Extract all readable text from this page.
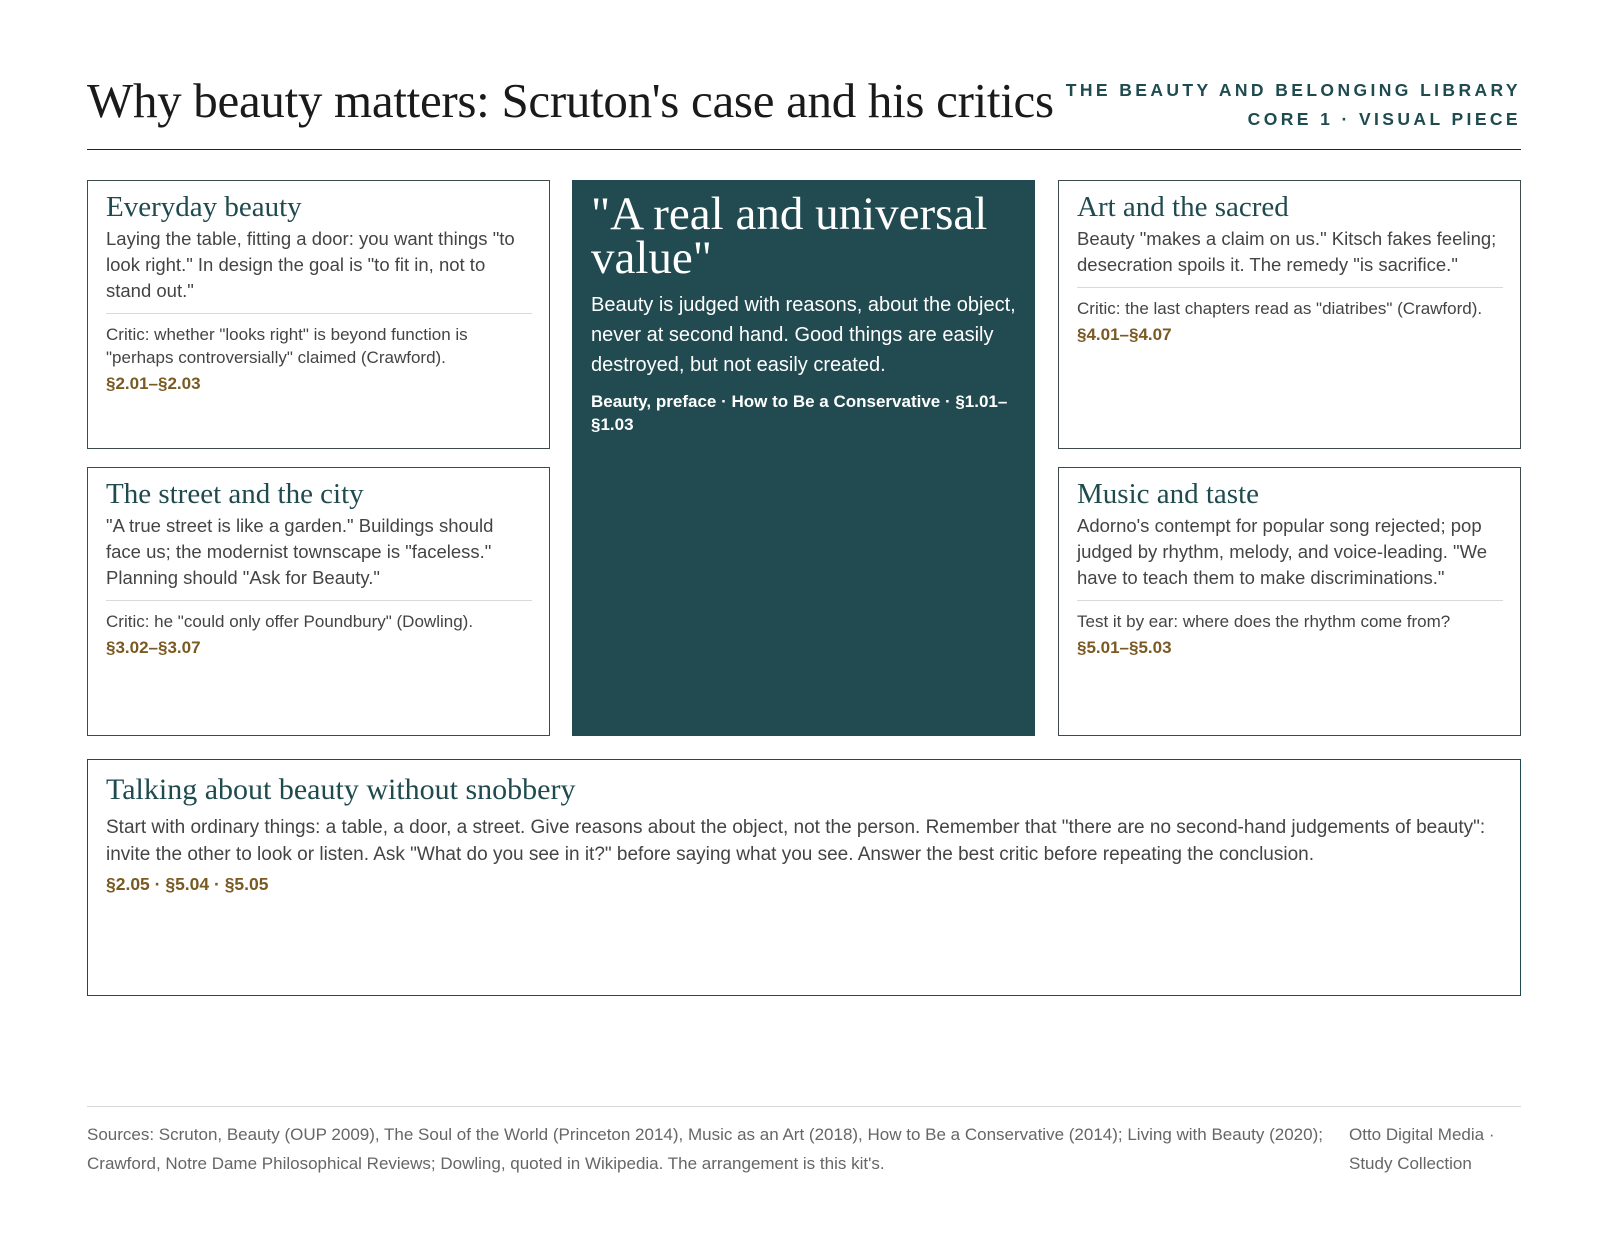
Why beauty matters: Scruton's case and his critics THE BEAUTY AND BELONGING LIBRARY
CORE 1 · VISUAL PIECE
Everyday beauty
Laying the table, fitting a door: you want things "to look right." In design the goal is "to fit in, not to stand out."
Critic: whether "looks right" is beyond function is "perhaps controversially" claimed (Crawford).
§2.01–§2.03
The street and the city
"A true street is like a garden." Buildings should face us; the modernist townscape is "faceless." Planning should "Ask for Beauty."
Critic: he "could only offer Poundbury" (Dowling).
§3.02–§3.07
"A real and universal value"
Beauty is judged with reasons, about the object, never at second hand. Good things are easily destroyed, but not easily created.
Beauty, preface · How to Be a Conservative · §1.01–§1.03
Art and the sacred
Beauty "makes a claim on us." Kitsch fakes feeling; desecration spoils it. The remedy "is sacrifice."
Critic: the last chapters read as "diatribes" (Crawford).
§4.01–§4.07
Music and taste
Adorno's contempt for popular song rejected; pop judged by rhythm, melody, and voice-leading. "We have to teach them to make discriminations."
Test it by ear: where does the rhythm come from?
§5.01–§5.03
Talking about beauty without snobbery
Start with ordinary things: a table, a door, a street. Give reasons about the object, not the person. Remember that "there are no second-hand judgements of beauty": invite the other to look or listen. Ask "What do you see in it?" before saying what you see. Answer the best critic before repeating the conclusion.
§2.05 · §5.04 · §5.05
Sources: Scruton, Beauty (OUP 2009), The Soul of the World (Princeton 2014), Music as an Art (2018), How to Be a Conservative (2014); Living with Beauty (2020); Crawford, Notre Dame Philosophical Reviews; Dowling, quoted in Wikipedia. The arrangement is this kit's.
Otto Digital Media · Study Collection
